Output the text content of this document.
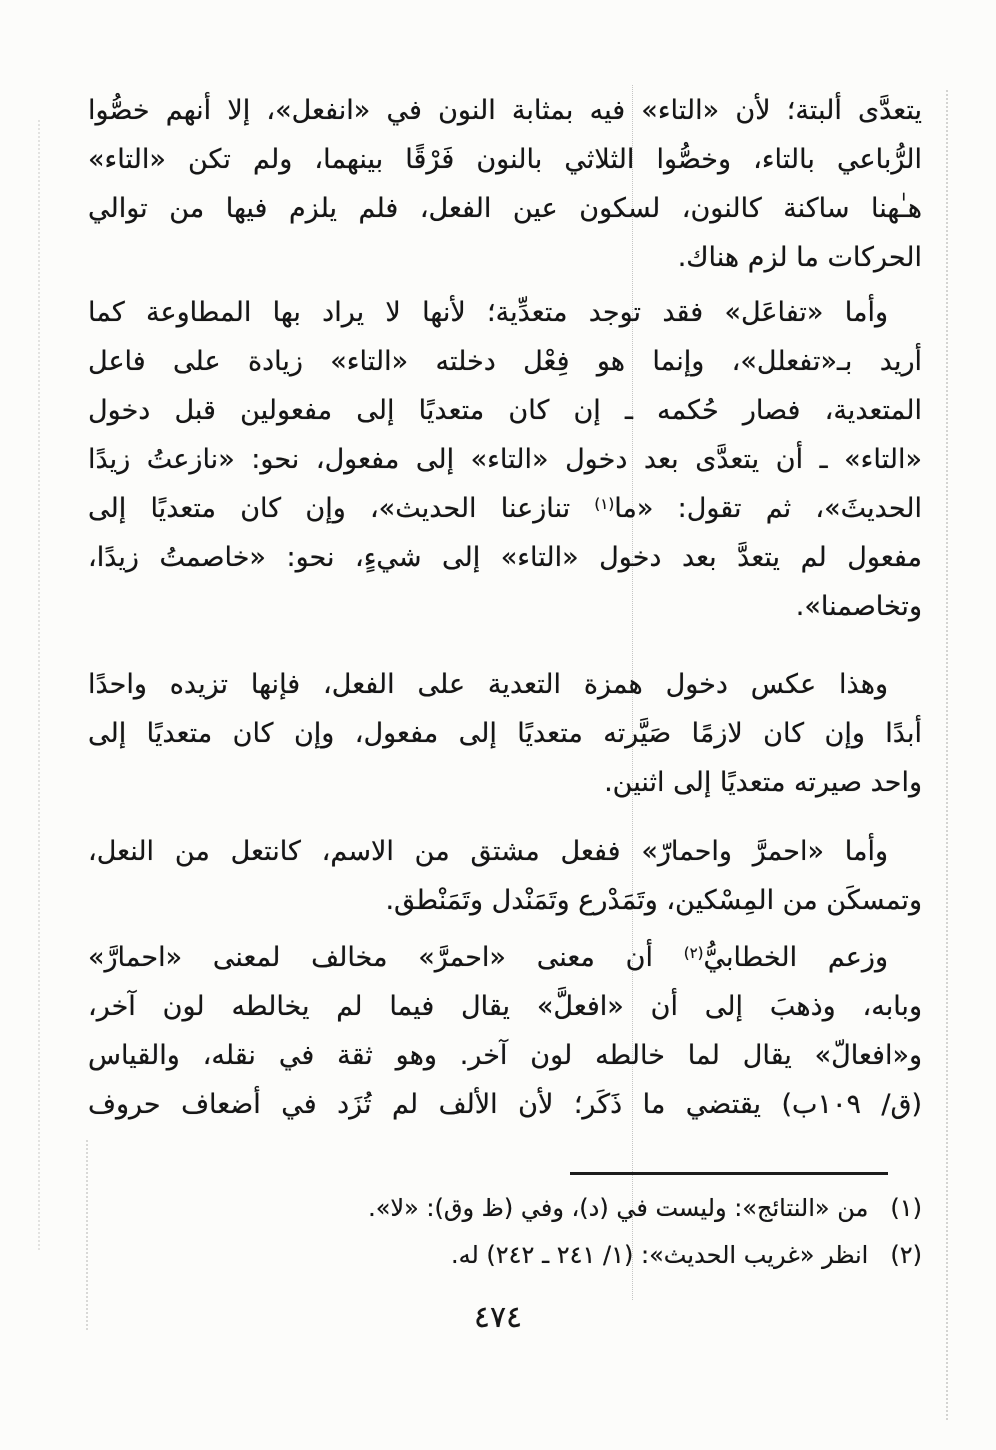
يتعدَّى ألبتة؛ لأن «التاء» فيه بمثابة النون في «انفعل»، إلا أنهم خصُّوا
الرُّباعي بالتاء، وخصُّوا الثلاثي بالنون فَرْقًا بينهما، ولم تكن «التاء»
هـٰهنا ساكنة كالنون، لسكون عين الفعل، فلم يلزم فيها من توالي
الحركات ما لزم هناك.
وأما «تفاعَل» فقد توجد متعدِّية؛ لأنها لا يراد بها المطاوعة كما
أريد بـ«تفعلل»، وإنما هو فِعْل دخلته «التاء» زيادة على فاعل
المتعدية، فصار حُكمه ـ إن كان متعديًا إلى مفعولين قبل دخول
«التاء» ـ أن يتعدَّى بعد دخول «التاء» إلى مفعول، نحو: «نازعتُ زيدًا
الحديثَ»، ثم تقول: «ما$^{(١)}$ تنازعنا الحديث»، وإن كان متعديًا إلى
مفعول لم يتعدَّ بعد دخول «التاء» إلى شيءٍ، نحو: «خاصمتُ زيدًا،
وتخاصمنا».
وهذا عكس دخول همزة التعدية على الفعل، فإنها تزيده واحدًا
أبدًا وإن كان لازمًا صَيَّرته متعديًا إلى مفعول، وإن كان متعديًا إلى
واحد صيرته متعديًا إلى اثنين.
وأما «احمرَّ واحمارّ» ففعل مشتق من الاسم، كانتعل من النعل،
وتمسكَن من المِسْكين، وتَمَدْرع وتَمَنْدل وتَمَنْطق.
وزعم الخطابيُّ$^{(٢)}$ أن معنى «احمرَّ» مخالف لمعنى «احمارَّ»
وبابه، وذهبَ إلى أن «افعلَّ» يقال فيما لم يخالطه لون آخر،
و«افعالّ» يقال لما خالطه لون آخر. وهو ثقة في نقله، والقياس
(ق/ ١٠٩ب) يقتضي ما ذَكَر؛ لأن الألف لم تُزَد في أضعاف حروف
(١)
من «النتائج»: وليست في (د)، وفي (ظ وق): «لا».
(٢)
انظر «غريب الحديث»: (١/ ٢٤١ ـ ٢٤٢) له.
٤٧٤
